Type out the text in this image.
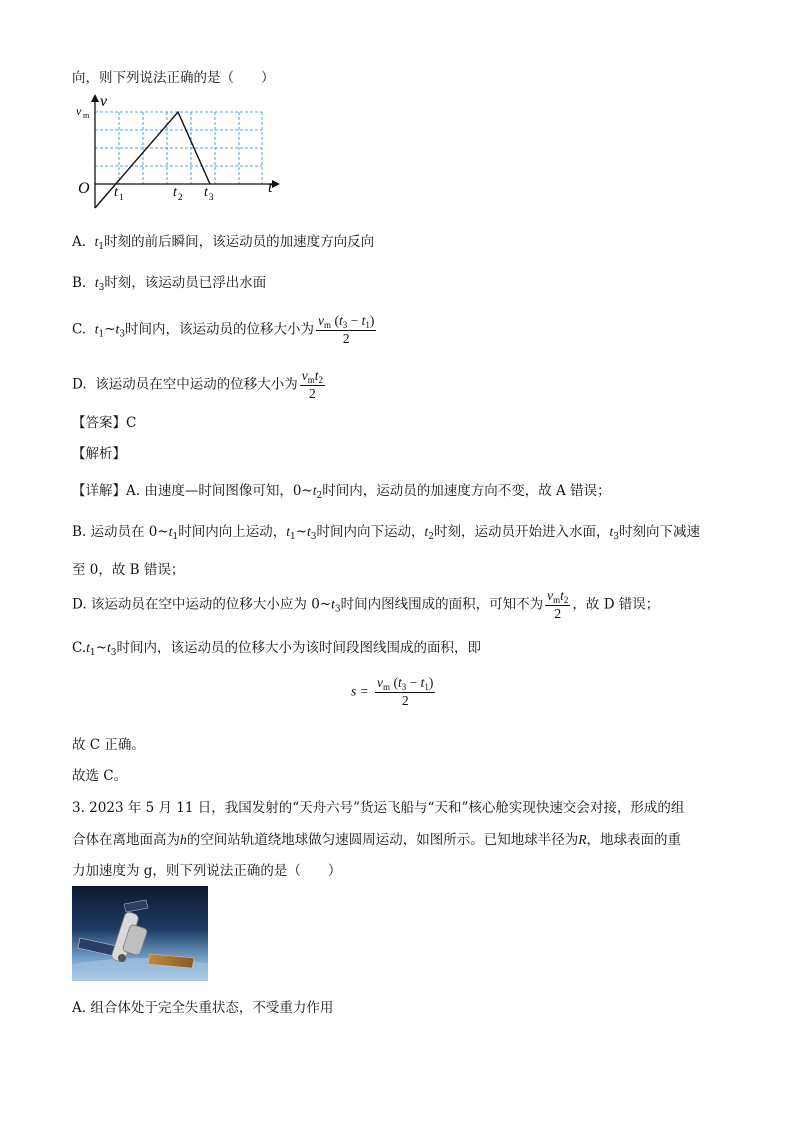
向，则下列说法正确的是（　　）
v
v m
O	t
t 1	t 2 t 3
A. $t_1$时刻的前后瞬间，该运动员的加速度方向反向
B. $t_3$时刻，该运动员已浮出水面
C. $t_1\sim t_3$时间内，该运动员的位移大小为 $\frac{v_m (t_3 - t_1)}{2}$
D. 该运动员在空中运动的位移大小为 $\frac{v_mt_2}{2}$
【答案】C
【解析】
【详解】A. 由速度—时间图像可知，$0\sim t_2$时间内，运动员的加速度方向不变，故 A 错误；
B. 运动员在 $0\sim t_1$时间内向上运动，$t_1\sim t_3$时间内向下运动，$t_2$时刻，运动员开始进入水面，$t_3$时刻向下减速
至 0，故 B 错误；
D. 该运动员在空中运动的位移大小应为 $0\sim t_3$时间内图线围成的面积，可知不为 $\frac{v_mt_2}{2}$ ，故 D 错误；
$C.t_1\sim t_3$时间内，该运动员的位移大小为该时间段图线围成的面积，即
$s = \frac{v_m (t_3 - t_1)}{2}$
故 C 正确。
故选 C。
3. 2023 年 5 月 11 日，我国发射的“天舟六号”货运飞船与“天和”核心舱实现快速交会对接，形成的组
合体在离地面高为h的空间站轨道绕地球做匀速圆周运动，如图所示。已知地球半径为R，地球表面的重
力加速度为 g，则下列说法正确的是（　　）
A. 组合体处于完全失重状态，不受重力作用
